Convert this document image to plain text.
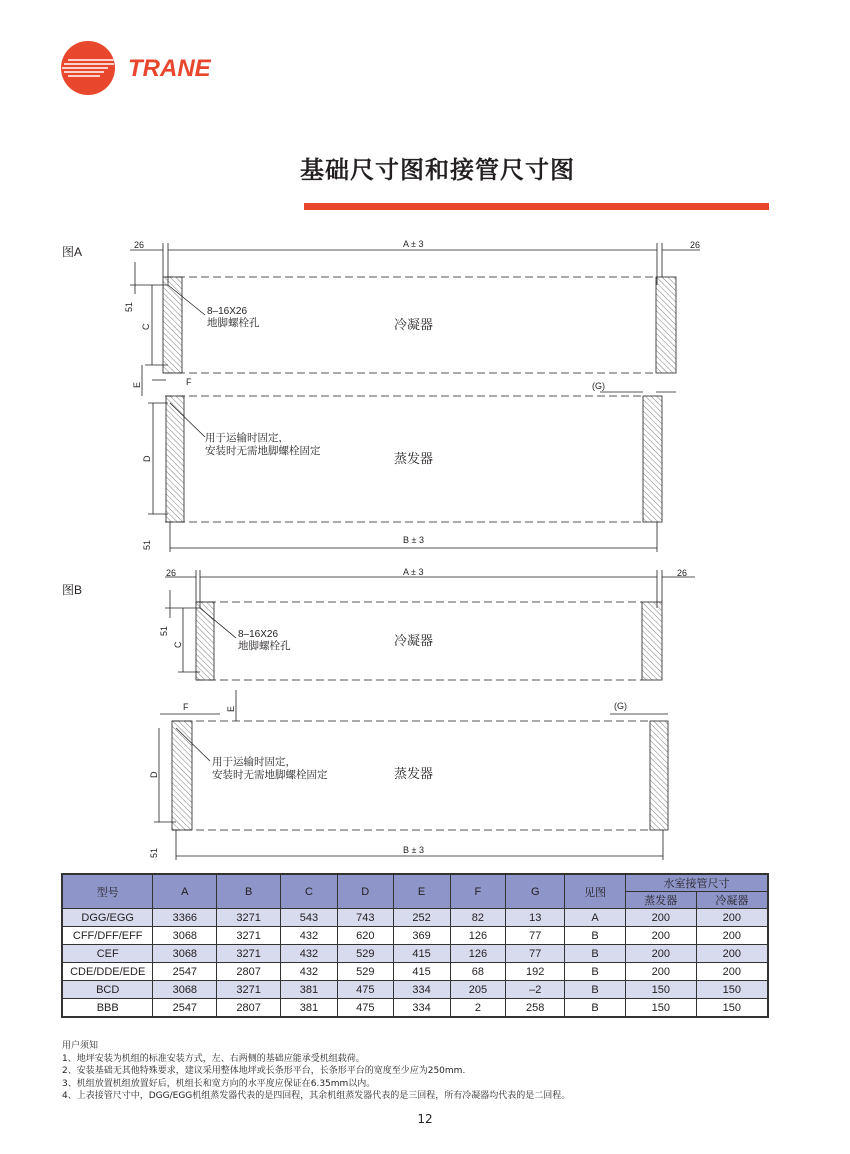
TRANE
基础尺寸图和接管尺寸图
图A
A ± 3
26	26
51
C
E	F	(G)
D
51	B ± 3
冷凝器
蒸发器
8–16X26
地脚螺栓孔
用于运输时固定，
安装时无需地脚螺栓固定
图B
A ± 3
26	26
51
C
E
F	(G)
D
51	B ± 3
冷凝器
蒸发器
8–16X26
地脚螺栓孔
用于运输时固定，
安装时无需地脚螺栓固定
型号	A	B	C	D	E	F	G	见图	水室接管尺寸	
									蒸发器	冷凝器
DGG/EGG	3366	3271	543	743	252	82	13	A	200	200
CFF/DFF/EFF	3068	3271	432	620	369	126	77	B	200	200
CEF	3068	3271	432	529	415	126	77	B	200	200
CDE/DDE/EDE	2547	2807	432	529	415	68	192	B	200	200
BCD	3068	3271	381	475	334	205	–2	B	150	150
BBB	2547	2807	381	475	334	2	258	B	150	150
用户须知
1、地坪安装为机组的标准安装方式，左、右两侧的基础应能承受机组载荷。
2、安装基础无其他特殊要求，建议采用整体地坪或长条形平台，长条形平台的宽度至少应为250mm.
3、机组放置机组放置好后，机组长和宽方向的水平度应保证在6.35mm以内。
4、上表接管尺寸中，DGG/EGG机组蒸发器代表的是四回程，其余机组蒸发器代表的是三回程，所有冷凝器均代表的是二回程。
12
